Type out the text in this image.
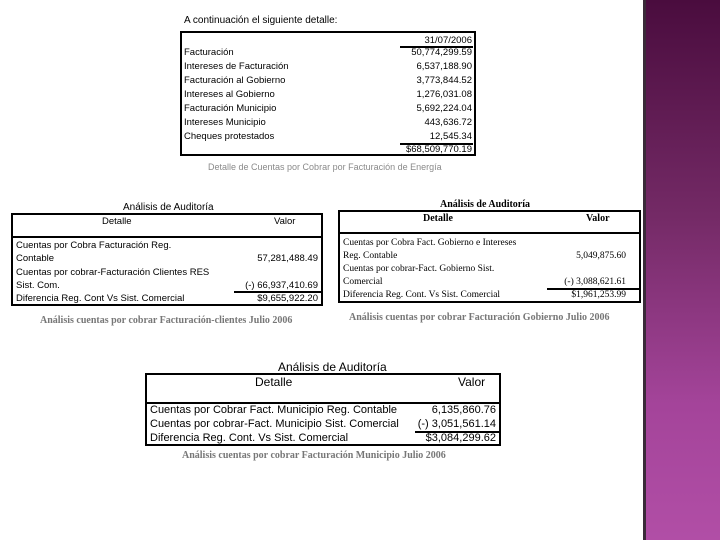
A continuación el siguiente detalle:
31/07/2006
Facturación	50,774,299.59
Intereses de Facturación	6,537,188.90
Facturación al Gobierno	3,773,844.52
Intereses al Gobierno	1,276,031.08
Facturación Municipio	5,692,224.04
Intereses Municipio	443,636.72
Cheques protestados	12,545.34
$68,509,770.19
Detalle de Cuentas por Cobrar por Facturación de Energía
Análisis de Auditoría
Detalle	Valor
Cuentas por Cobra Facturación Reg.
Contable	57,281,488.49
Cuentas por cobrar-Facturación Clientes RES
Sist. Com.	(-) 66,937,410.69
Diferencia Reg. Cont Vs Sist. Comercial	$9,655,922.20
Análisis cuentas por cobrar Facturación-clientes Julio 2006
Análisis de Auditoría
Detalle	Valor
Cuentas por Cobra Fact. Gobierno e Intereses
Reg. Contable	5,049,875.60
Cuentas por cobrar-Fact. Gobierno Sist.
Comercial	(-) 3,088,621.61
Diferencia Reg. Cont. Vs Sist. Comercial	$1,961,253.99
Análisis cuentas por cobrar Facturación Gobierno Julio 2006
Análisis de Auditoría
Detalle	Valor
Cuentas por Cobrar Fact. Municipio Reg. Contable	6,135,860.76
Cuentas por cobrar-Fact. Municipio Sist. Comercial	(-) 3,051,561.14
Diferencia Reg. Cont. Vs Sist. Comercial	$3,084,299.62
Análisis cuentas por cobrar Facturación Municipio Julio 2006
